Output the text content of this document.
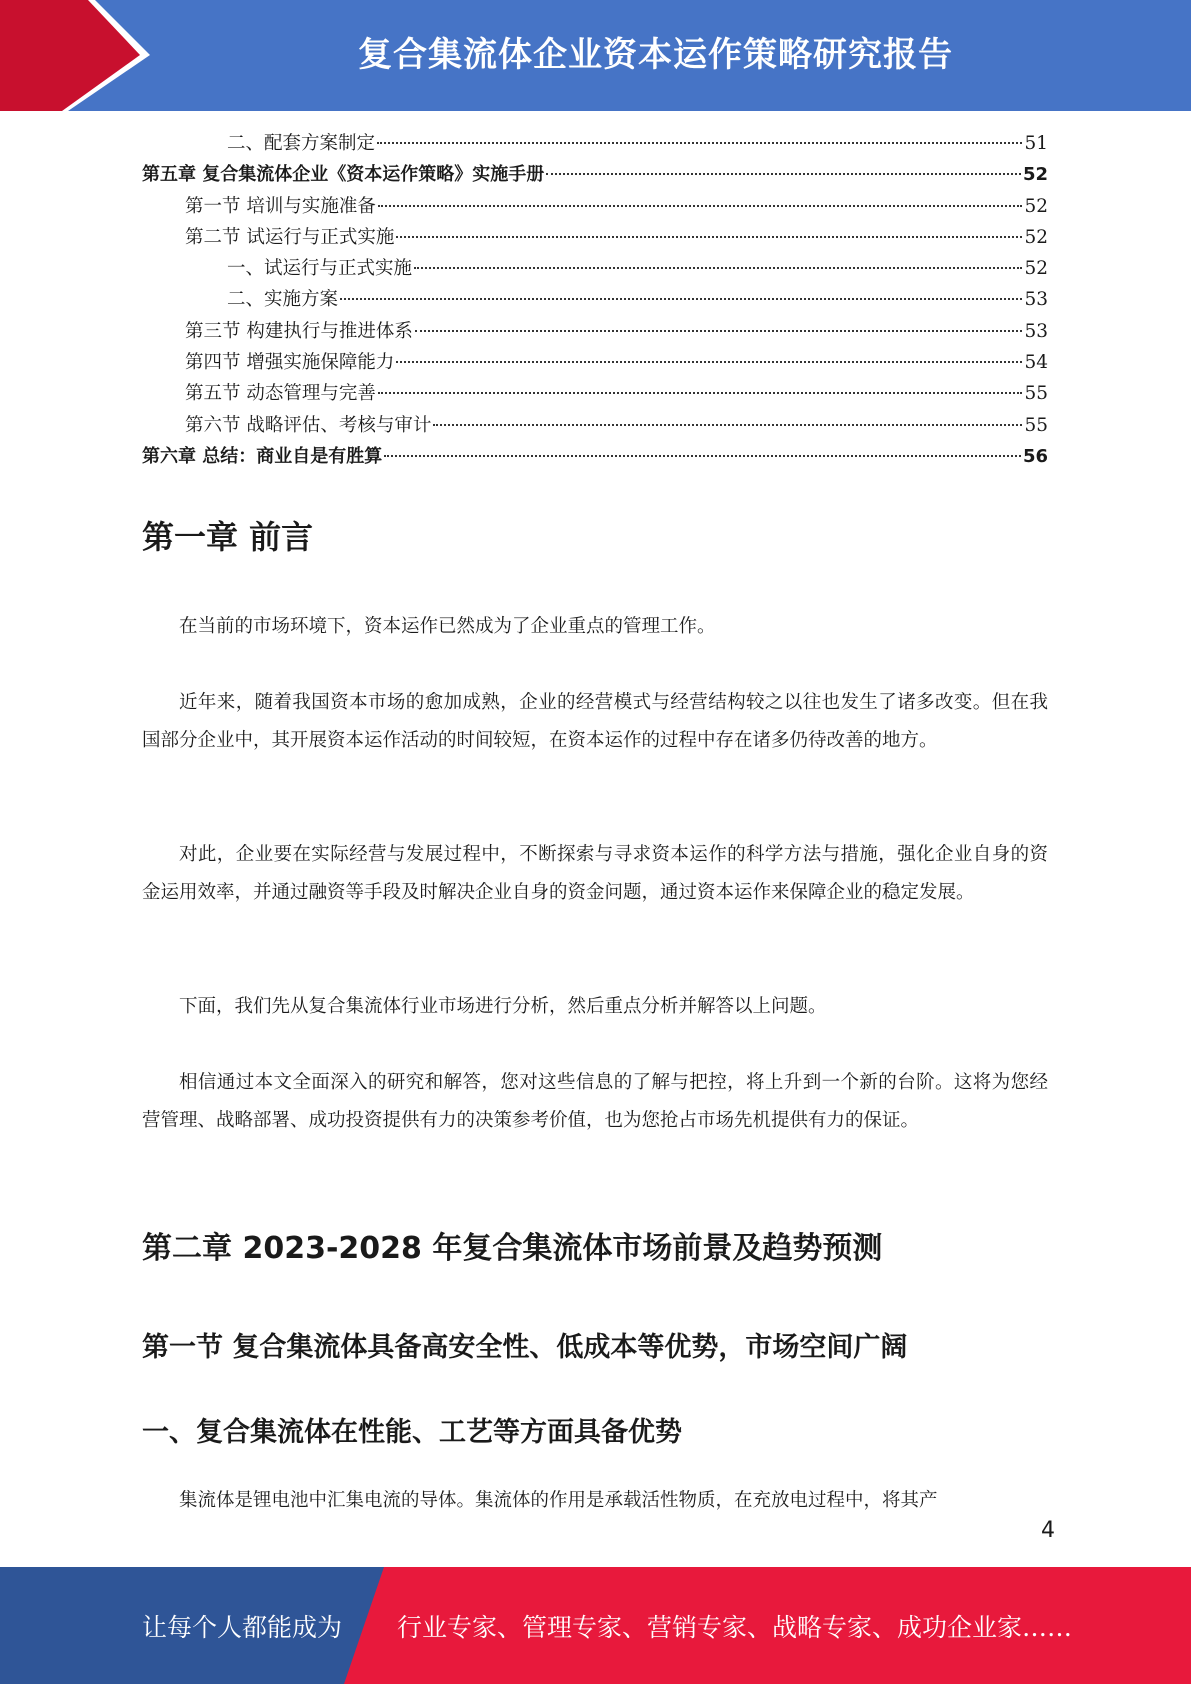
复合集流体企业资本运作策略研究报告
二、配套方案制定	51
第五章 复合集流体企业《资本运作策略》实施手册	52
第一节 培训与实施准备	52
第二节 试运行与正式实施	52
一、试运行与正式实施	52
二、实施方案	53
第三节 构建执行与推进体系	53
第四节 增强实施保障能力	54
第五节 动态管理与完善	55
第六节 战略评估、考核与审计	55
第六章 总结：商业自是有胜算	56
第一章 前言

在当前的市场环境下，资本运作已然成为了企业重点的管理工作。

近年来，随着我国资本市场的愈加成熟，企业的经营模式与经营结构较之以往也发生了诸多改变。但在我国部分企业中，其开展资本运作活动的时间较短，在资本运作的过程中存在诸多仍待改善的地方。

对此，企业要在实际经营与发展过程中，不断探索与寻求资本运作的科学方法与措施，强化企业自身的资金运用效率，并通过融资等手段及时解决企业自身的资金问题，通过资本运作来保障企业的稳定发展。

下面，我们先从复合集流体行业市场进行分析，然后重点分析并解答以上问题。

相信通过本文全面深入的研究和解答，您对这些信息的了解与把控，将上升到一个新的台阶。这将为您经营管理、战略部署、成功投资提供有力的决策参考价值，也为您抢占市场先机提供有力的保证。

第二章 2023-2028 年复合集流体市场前景及趋势预测
第一节 复合集流体具备高安全性、低成本等优势，市场空间广阔
一、复合集流体在性能、工艺等方面具备优势

集流体是锂电池中汇集电流的导体。集流体的作用是承载活性物质，在充放电过程中，将其产

4
让每个人都能成为 行业专家、管理专家、营销专家、战略专家、成功企业家……
